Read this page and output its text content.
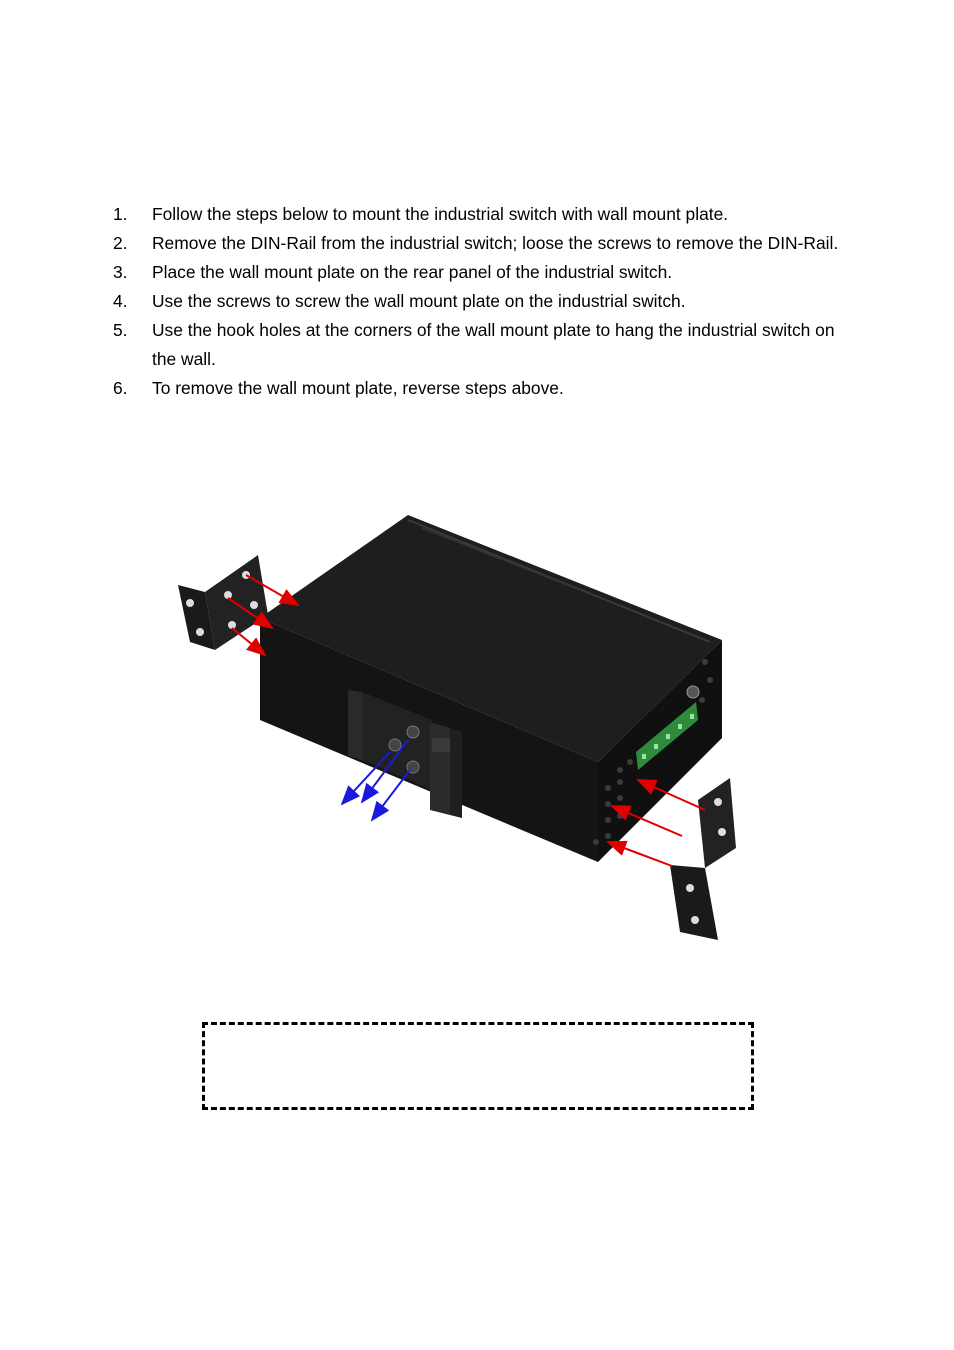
1. Follow the steps below to mount the industrial switch with wall mount plate.
2. Remove the DIN-Rail from the industrial switch; loose the screws to remove the DIN-Rail.
3. Place the wall mount plate on the rear panel of the industrial switch.
4. Use the screws to screw the wall mount plate on the industrial switch.
5. Use the hook holes at the corners of the wall mount plate to hang the industrial switch on the wall.
6. To remove the wall mount plate, reverse steps above.
